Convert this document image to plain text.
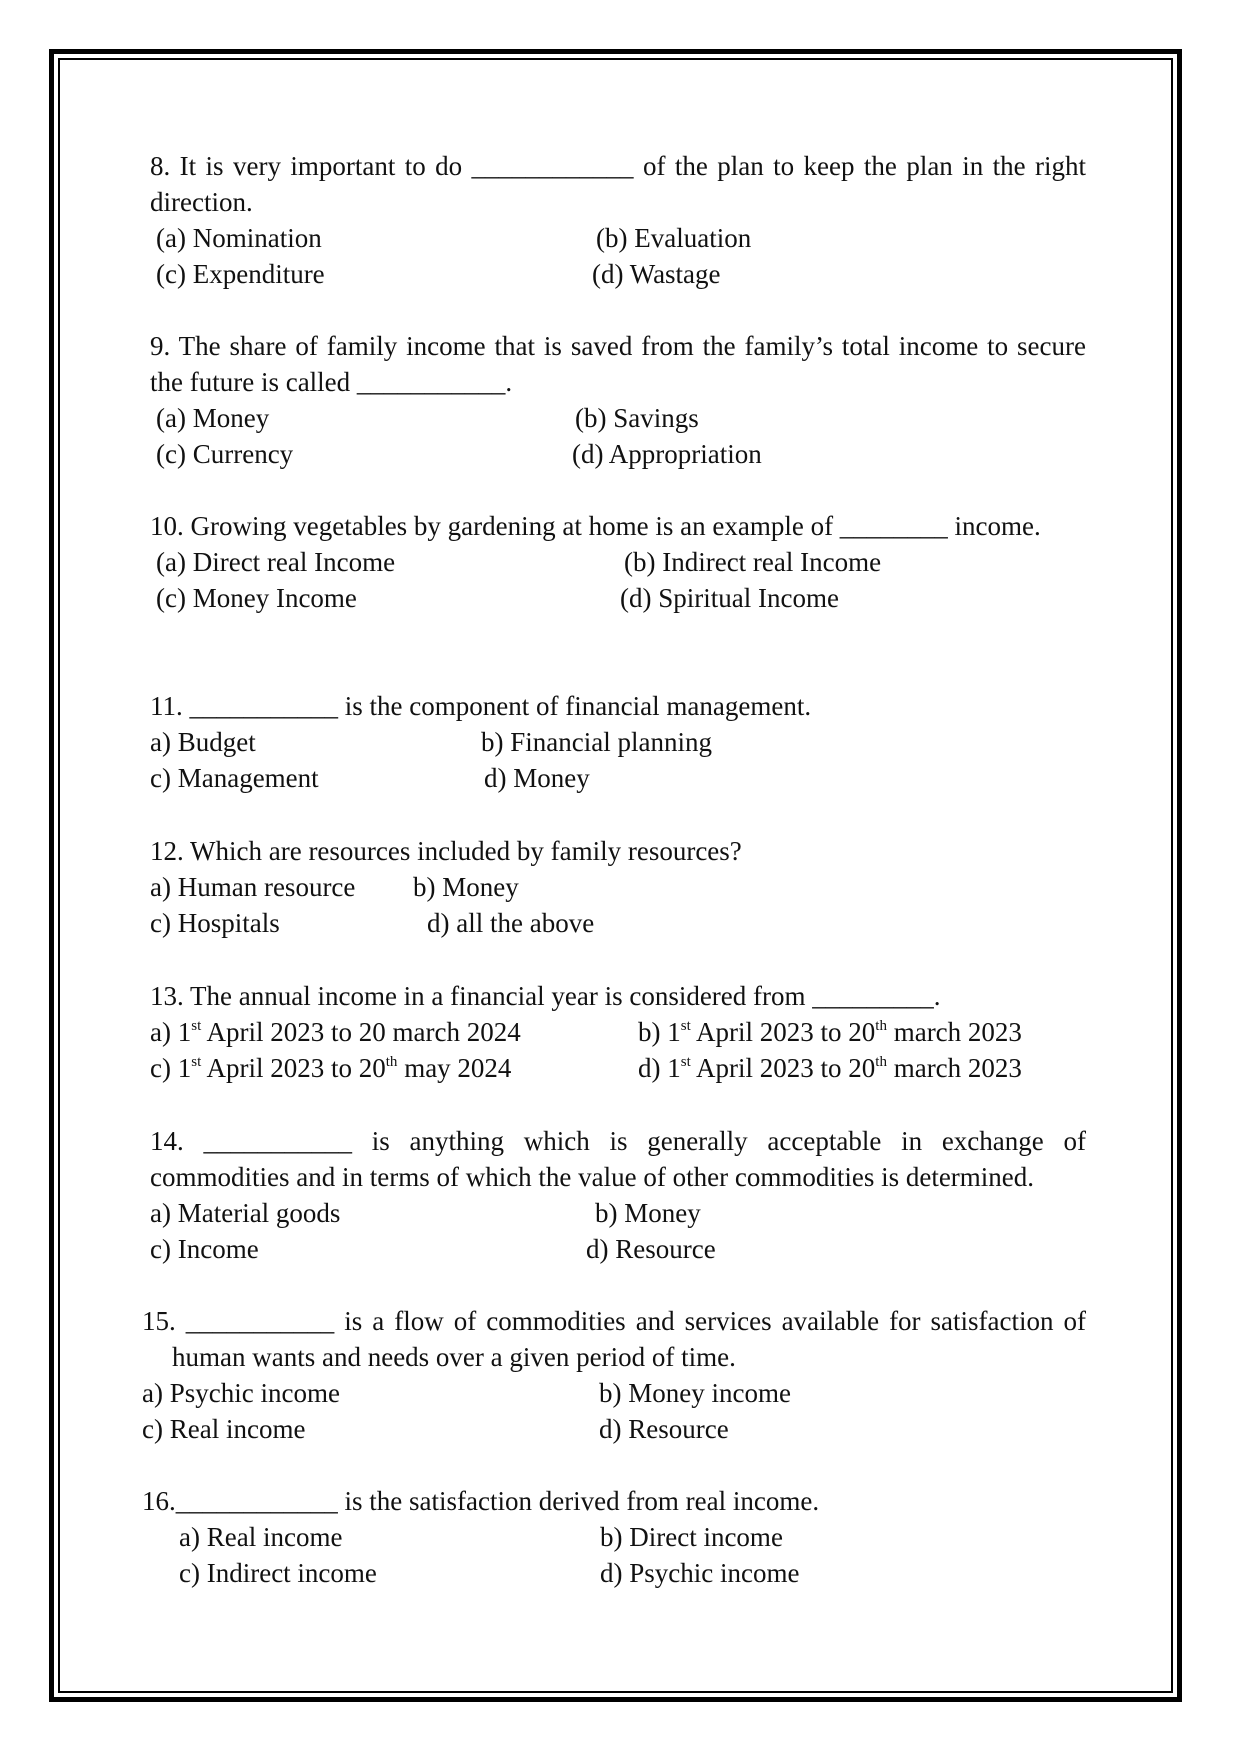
8. It is very important to do ____________ of the plan to keep the plan in the right direction.
(a) Nomination	(b) Evaluation
(c) Expenditure	(d) Wastage
9. The share of family income that is saved from the family’s total income to secure the future is called ___________.
(a) Money	(b) Savings
(c) Currency	(d) Appropriation
10. Growing vegetables by gardening at home is an example of ________ income.
(a) Direct real Income	(b) Indirect real Income
(c) Money Income	(d) Spiritual Income
11. ___________ is the component of financial management.
a) Budget	b) Financial planning
c) Management	d) Money
12. Which are resources included by family resources?
a) Human resource b) Money
c) Hospitals	d) all the above
13. The annual income in a financial year is considered from _________.
a) 1st April 2023 to 20 march 2024	b) 1st April 2023 to 20th march 2023
c) 1st April 2023 to 20th may 2024	d) 1st April 2023 to 20th march 2023
14. ___________ is anything which is generally acceptable in exchange of commodities and in terms of which the value of other commodities is determined.
a) Material goods	b) Money
c) Income	d) Resource
15. ___________ is a flow of commodities and services available for satisfaction of human wants and needs over a given period of time.
a) Psychic income	b) Money income
c) Real income	d) Resource
16.____________ is the satisfaction derived from real income.
a) Real income	b) Direct income
c) Indirect income	d) Psychic income
